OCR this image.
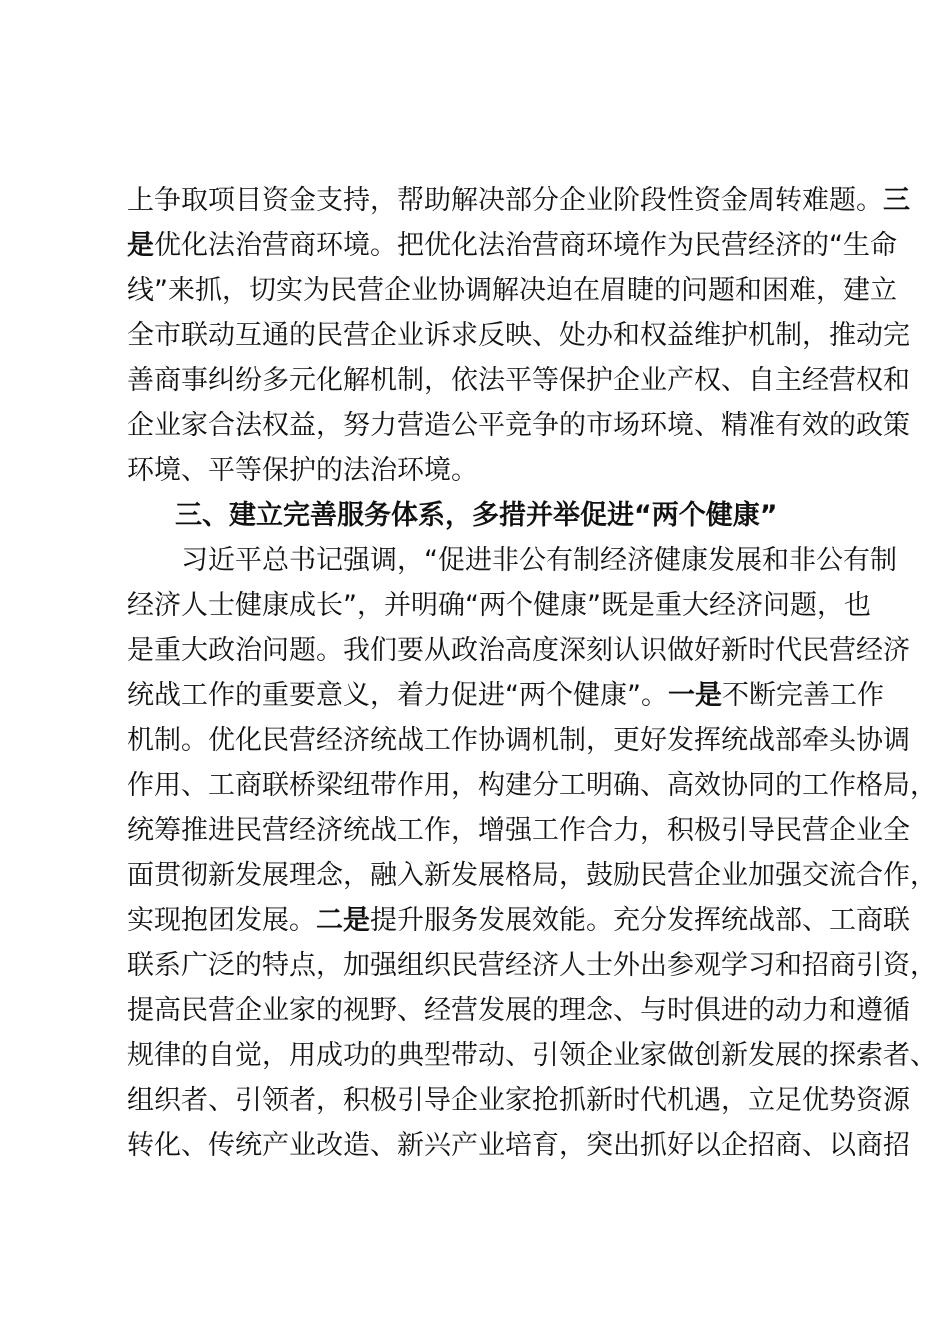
上争取项目资金支持，帮助解决部分企业阶段性资金周转难题。三
是优化法治营商环境。把优化法治营商环境作为民营经济的“生命
线”来抓，切实为民营企业协调解决迫在眉睫的问题和困难，建立
全市联动互通的民营企业诉求反映、处办和权益维护机制，推动完
善商事纠纷多元化解机制，依法平等保护企业产权、自主经营权和
企业家合法权益，努力营造公平竞争的市场环境、精准有效的政策
环境、平等保护的法治环境。
三、建立完善服务体系，多措并举促进“两个健康”
习近平总书记强调，“促进非公有制经济健康发展和非公有制
经济人士健康成长”，并明确“两个健康”既是重大经济问题，也
是重大政治问题。我们要从政治高度深刻认识做好新时代民营经济
统战工作的重要意义，着力促进“两个健康”。一是不断完善工作
机制。优化民营经济统战工作协调机制，更好发挥统战部牵头协调
作用、工商联桥梁纽带作用，构建分工明确、高效协同的工作格局，
统筹推进民营经济统战工作，增强工作合力，积极引导民营企业全
面贯彻新发展理念，融入新发展格局，鼓励民营企业加强交流合作，
实现抱团发展。二是提升服务发展效能。充分发挥统战部、工商联
联系广泛的特点，加强组织民营经济人士外出参观学习和招商引资，
提高民营企业家的视野、经营发展的理念、与时俱进的动力和遵循
规律的自觉，用成功的典型带动、引领企业家做创新发展的探索者、
组织者、引领者，积极引导企业家抢抓新时代机遇，立足优势资源
转化、传统产业改造、新兴产业培育，突出抓好以企招商、以商招
